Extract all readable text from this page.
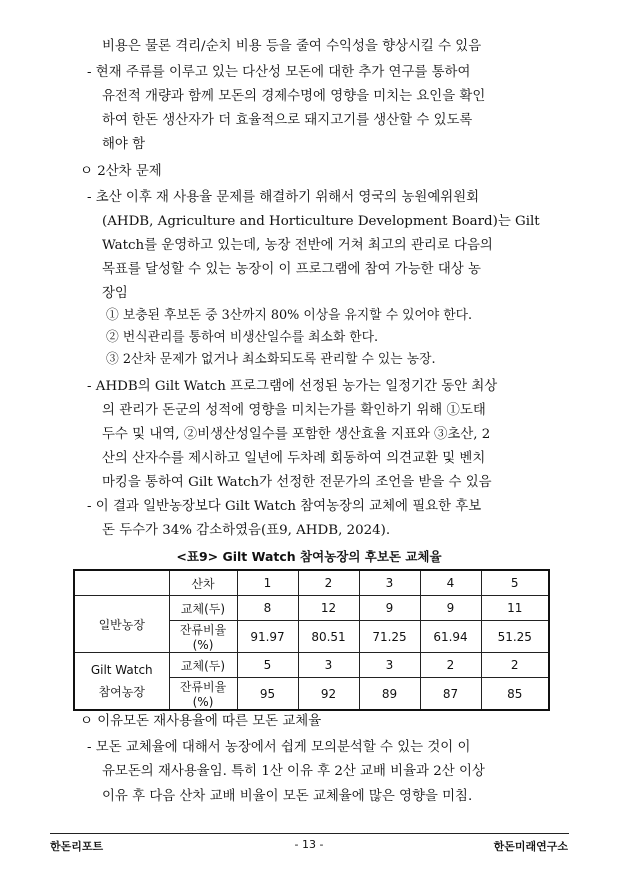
비용은 물론 격리/순치 비용 등을 줄여 수익성을 향상시킬 수 있음
- 현재 주류를 이루고 있는 다산성 모돈에 대한 추가 연구를 통하여
유전적 개량과 함께 모돈의 경제수명에 영향을 미치는 요인을 확인
하여 한돈 생산자가 더 효율적으로 돼지고기를 생산할 수 있도록
해야 함
ㅇ 2산차 문제
- 초산 이후 재 사용율 문제를 해결하기 위해서 영국의 농원예위원회
(AHDB, Agriculture and Horticulture Development Board)는 Gilt
Watch를 운영하고 있는데, 농장 전반에 거쳐 최고의 관리로 다음의
목표를 달성할 수 있는 농장이 이 프로그램에 참여 가능한 대상 농
장임
① 보충된 후보돈 중 3산까지 80% 이상을 유지할 수 있어야 한다.
② 번식관리를 통하여 비생산일수를 최소화 한다.
③ 2산차 문제가 없거나 최소화되도록 관리할 수 있는 농장.
- AHDB의 Gilt Watch 프로그램에 선정된 농가는 일정기간 동안 최상
의 관리가 돈군의 성적에 영향을 미치는가를 확인하기 위해 ①도태
두수 및 내역, ②비생산성일수를 포함한 생산효율 지표와 ③초산, 2
산의 산자수를 제시하고 일년에 두차례 회동하여 의견교환 및 벤치
마킹을 통하여 Gilt Watch가 선정한 전문가의 조언을 받을 수 있음
- 이 결과 일반농장보다 Gilt Watch 참여농장의 교체에 필요한 후보
돈 두수가 34% 감소하였음(표9, AHDB, 2024).
<표9> Gilt Watch 참여농장의 후보돈 교체율
	산차	1	2	3	4	5
일반농장	교체(두)	8	12	9	9	11
	잔류비율(%)	91.97	80.51	71.25	61.94	51.25

Gilt Watch
참여농장	교체(두)	5	3	3	2	2
	잔류비율(%)	95	92	89	87	85
ㅇ 이유모돈 재사용율에 따른 모돈 교체율
- 모돈 교체율에 대해서 농장에서 쉽게 모의분석할 수 있는 것이 이
유모돈의 재사용율임. 특히 1산 이유 후 2산 교배 비율과 2산 이상
이유 후 다음 산차 교배 비율이 모돈 교체율에 많은 영향을 미침.
한돈리포트	- 13 -	한돈미래연구소
